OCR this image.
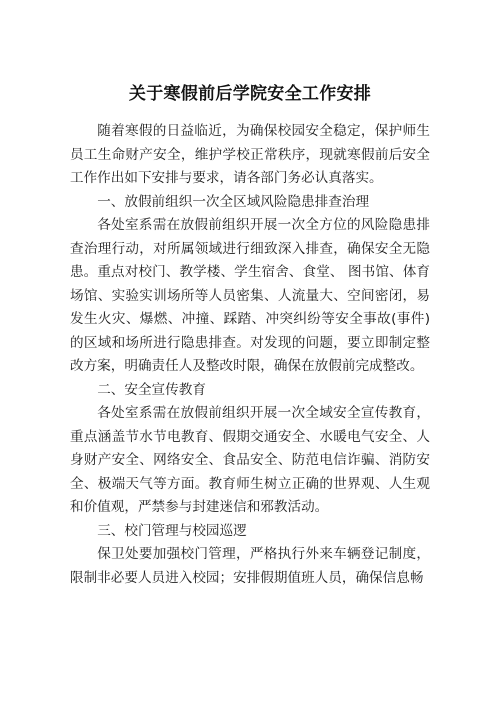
关于寒假前后学院安全工作安排

随着寒假的日益临近，为确保校园安全稳定，保护师生员工生命财产安全，维护学校正常秩序，现就寒假前后安全工作作出如下安排与要求，请各部门务必认真落实。

一、放假前组织一次全区域风险隐患排查治理

各处室系需在放假前组织开展一次全方位的风险隐患排查治理行动，对所属领域进行细致深入排查，确保安全无隐患。重点对校门、教学楼、学生宿舍、食堂、 图书馆、体育场馆、实验实训场所等人员密集、人流量大、空间密闭，易发生火灾、爆燃、冲撞、踩踏、冲突纠纷等安全事故(事件)的区域和场所进行隐患排查。对发现的问题，要立即制定整改方案，明确责任人及整改时限，确保在放假前完成整改。

二、安全宣传教育

各处室系需在放假前组织开展一次全域安全宣传教育，重点涵盖节水节电教育、假期交通安全、水暖电气安全、人身财产安全、网络安全、食品安全、防范电信诈骗、消防安全、极端天气等方面。教育师生树立正确的世界观、人生观和价值观，严禁参与封建迷信和邪教活动。

三、校门管理与校园巡逻

保卫处要加强校门管理，严格执行外来车辆登记制度，限制非必要人员进入校园；安排假期值班人员，确保信息畅
